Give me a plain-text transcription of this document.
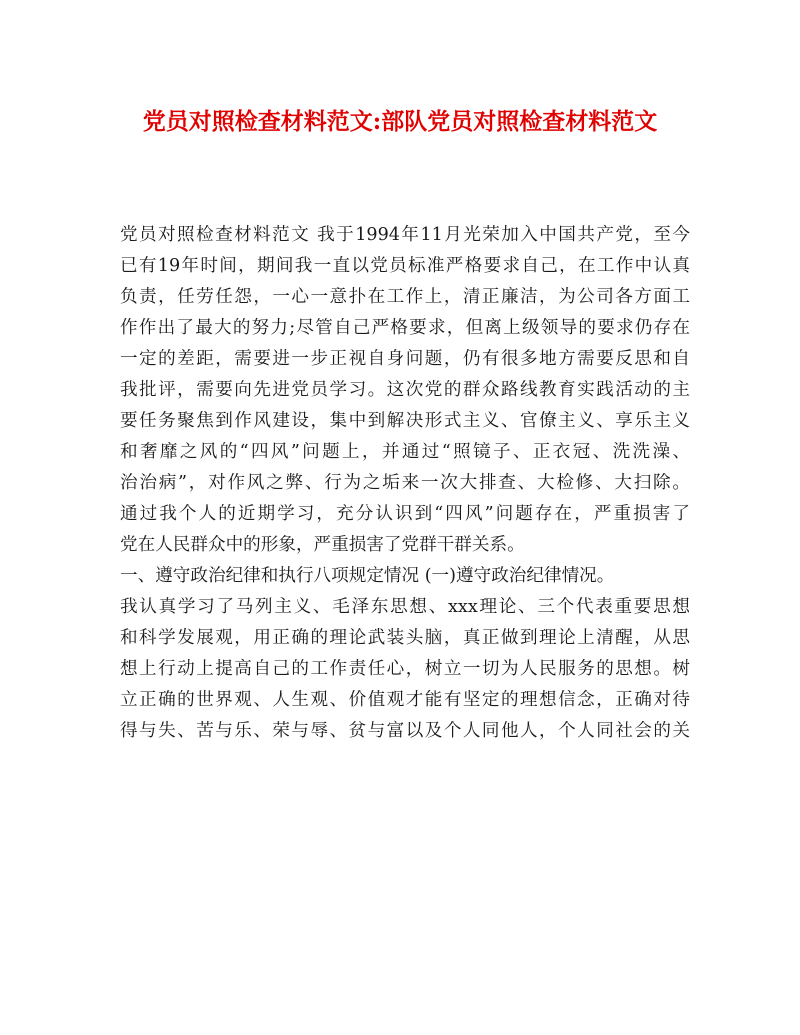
党员对照检查材料范文:部队党员对照检查材料范文
党员对照检查材料范文 我于1994年11月光荣加入中国共产党，至今
已有19年时间，期间我一直以党员标准严格要求自己，在工作中认真
负责，任劳任怨，一心一意扑在工作上，清正廉洁，为公司各方面工
作作出了最大的努力;尽管自己严格要求，但离上级领导的要求仍存在
一定的差距，需要进一步正视自身问题，仍有很多地方需要反思和自
我批评，需要向先进党员学习。这次党的群众路线教育实践活动的主
要任务聚焦到作风建设，集中到解决形式主义、官僚主义、享乐主义
和奢靡之风的“四风”问题上，并通过“照镜子、正衣冠、洗洗澡、
治治病”，对作风之弊、行为之垢来一次大排查、大检修、大扫除。
通过我个人的近期学习，充分认识到“四风”问题存在，严重损害了
党在人民群众中的形象，严重损害了党群干群关系。
一、遵守政治纪律和执行八项规定情况 (一)遵守政治纪律情况。
我认真学习了马列主义、毛泽东思想、xxx理论、三个代表重要思想
和科学发展观，用正确的理论武装头脑，真正做到理论上清醒，从思
想上行动上提高自己的工作责任心，树立一切为人民服务的思想。树
立正确的世界观、人生观、价值观才能有坚定的理想信念，正确对待
得与失、苦与乐、荣与辱、贫与富以及个人同他人，个人同社会的关
